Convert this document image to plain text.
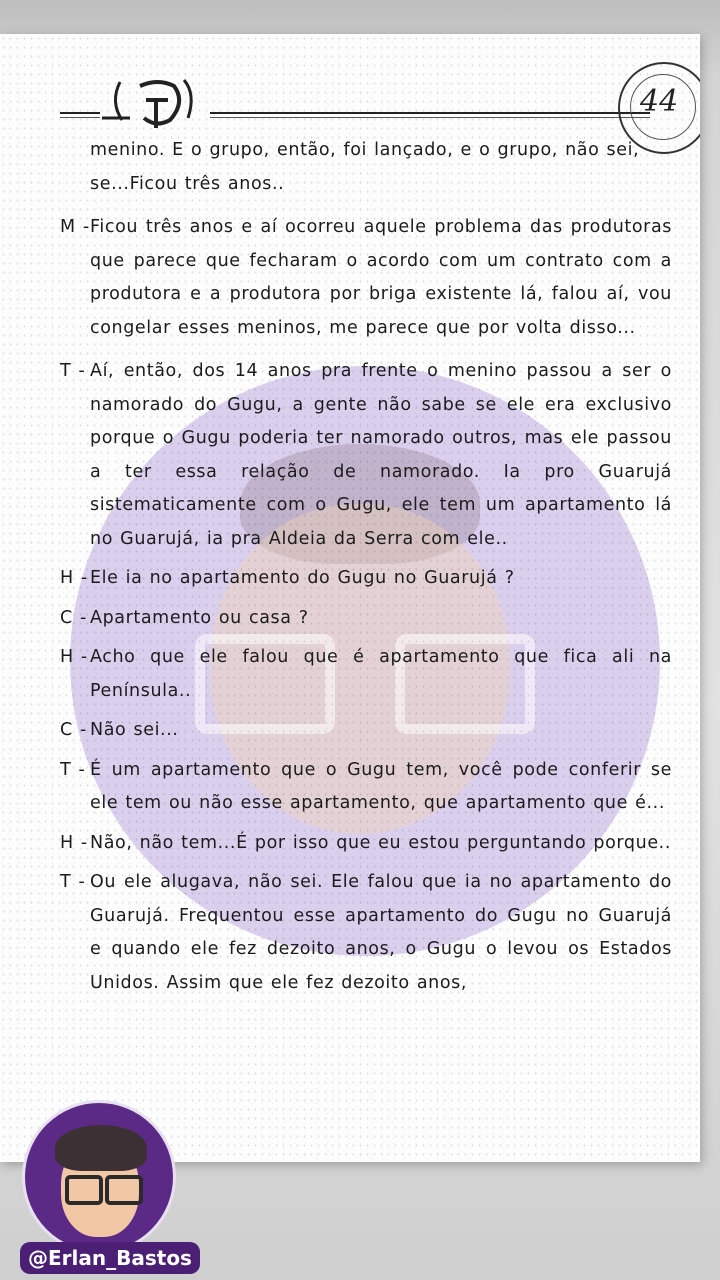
44
menino. E o grupo, então, foi lançado, e o grupo, não sei,
se...Ficou três anos..
M - Ficou três anos e aí ocorreu aquele problema das produtoras que parece que fecharam o acordo com um contrato com a produtora e a produtora por briga existente lá, falou aí, vou congelar esses meninos, me parece que por volta disso...
T - Aí, então, dos 14 anos pra frente o menino passou a ser o namorado do Gugu, a gente não sabe se ele era exclusivo porque o Gugu poderia ter namorado outros, mas ele passou a ter essa relação de namorado. Ia pro Guarujá sistematicamente com o Gugu, ele tem um apartamento lá no Guarujá, ia pra Aldeia da Serra com ele..
H - Ele ia no apartamento do Gugu no Guarujá ?
C - Apartamento ou casa ?
H - Acho que ele falou que é apartamento que fica ali na Península..
C - Não sei...
T - É um apartamento que o Gugu tem, você pode conferir se ele tem ou não esse apartamento, que apartamento que é...
H - Não, não tem...É por isso que eu estou perguntando porque..
T - Ou ele alugava, não sei. Ele falou que ia no apartamento do Guarujá. Frequentou esse apartamento do Gugu no Guarujá e quando ele fez dezoito anos, o Gugu o levou os Estados Unidos. Assim que ele fez dezoito anos,
@Erlan_Bastos
